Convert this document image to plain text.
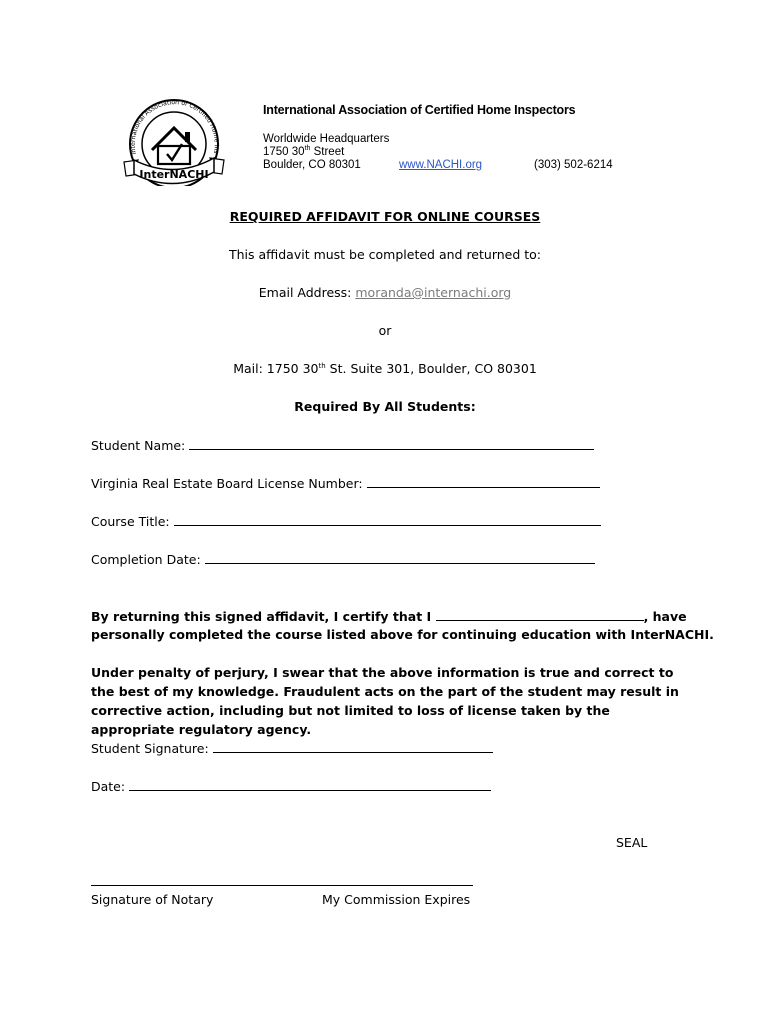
International Association of Certified Home Ins
InterNACHI
International Association of Certified Home Inspectors
Worldwide Headquarters
1750 30th Street
Boulder, CO 80301	www.NACHI.org	(303) 502-6214
REQUIRED AFFIDAVIT FOR ONLINE COURSES
This affidavit must be completed and returned to:
Email Address: moranda@internachi.org
or
Mail: 1750 30th St. Suite 301, Boulder, CO 80301
Required By All Students:
Student Name:
Virginia Real Estate Board License Number:
Course Title:
Completion Date:
By returning this signed affidavit, I certify that I	, have
personally completed the course listed above for continuing education with InterNACHI.
Under penalty of perjury, I swear that the above information is true and correct to the best of my knowledge. Fraudulent acts on the part of the student may result in corrective action, including but not limited to loss of license taken by the appropriate regulatory agency.
Student Signature:
Date:
SEAL
Signature of Notary	My Commission Expires
